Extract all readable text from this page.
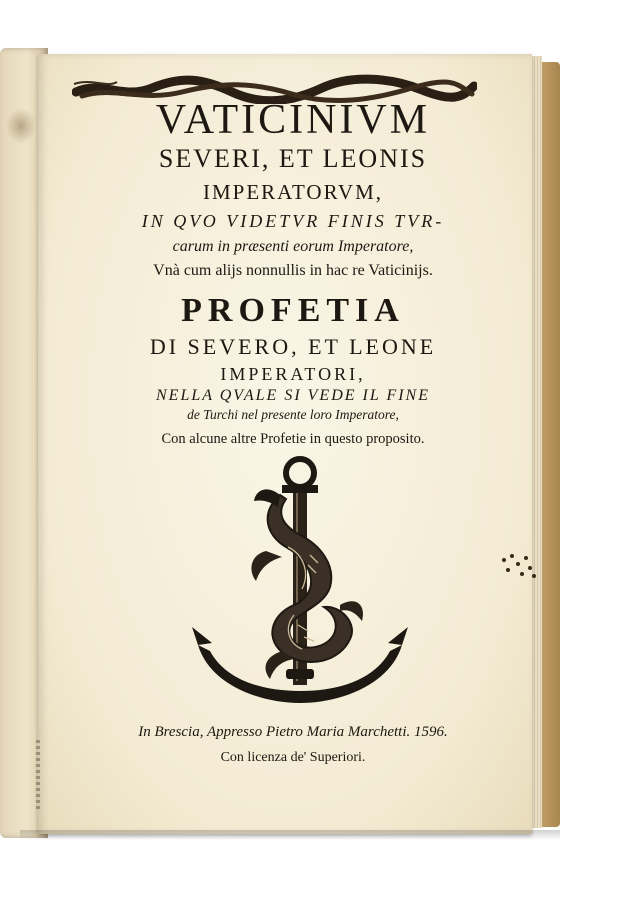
VATICINIVM
SEVERI, ET LEONIS
IMPERATORVM,
IN QVO VIDETVR FINIS TVR-
carum in præsenti eorum Imperatore,
Vnà cum alijs nonnullis in hac re Vaticinijs.
PROFETIA
DI SEVERO, ET LEONE
IMPERATORI,
NELLA QVALE SI VEDE IL FINE
de Turchi nel presente loro Imperatore,
Con alcune altre Profetie in questo proposito.
In Brescia, Appresso Pietro Maria Marchetti. 1596.
Con licenza de' Superiori.
